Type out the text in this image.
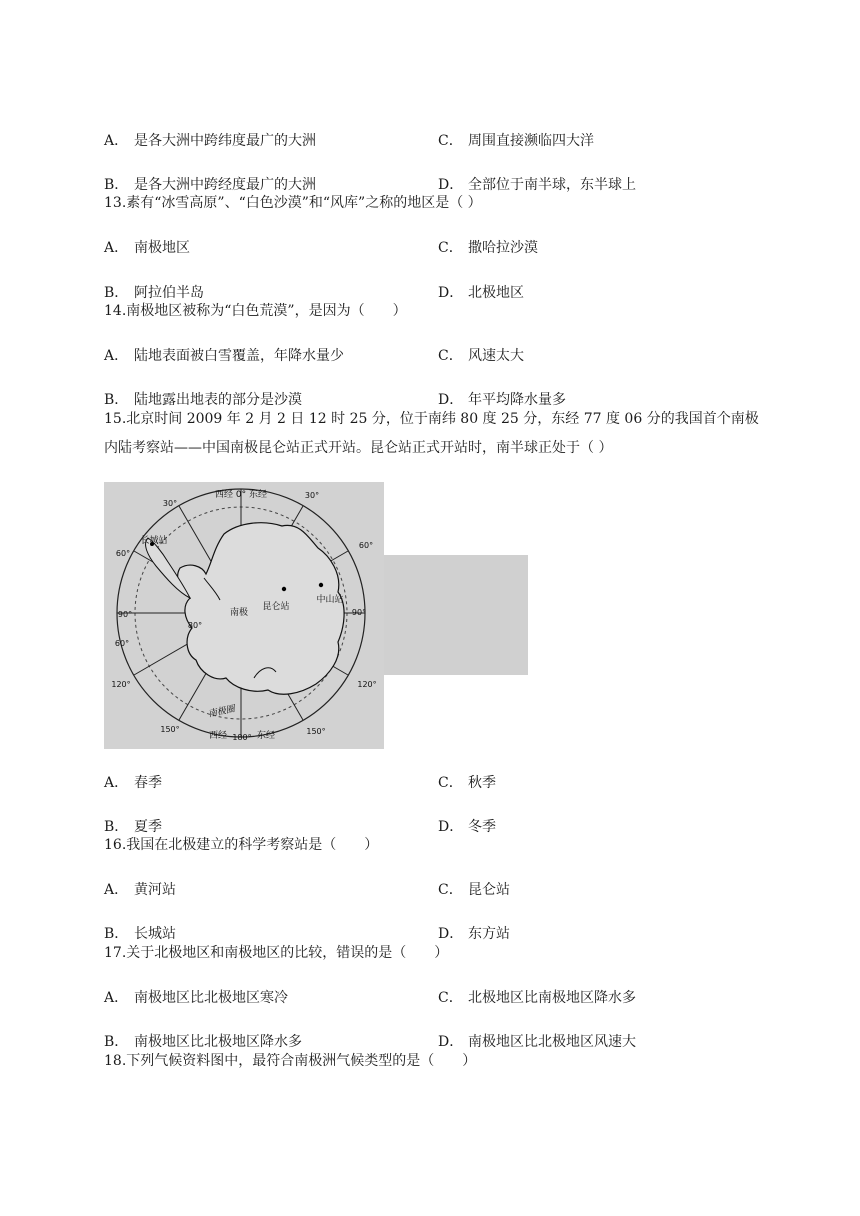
A． 是各大洲中跨纬度最广的大洲	C． 周围直接濒临四大洋
B． 是各大洲中跨经度最广的大洲	D． 全部位于南半球，东半球上
13.素有“冰雪高原”、“白色沙漠”和“风库”之称的地区是（ ）
A． 南极地区	C． 撒哈拉沙漠
B． 阿拉伯半岛	D． 北极地区
14.南极地区被称为“白色荒漠”，是因为（　　）
A． 陆地表面被白雪覆盖，年降水量少	C． 风速太大
B． 陆地露出地表的部分是沙漠	D． 年平均降水量多
15.北京时间 2009 年 2 月 2 日 12 时 25 分，位于南纬 80 度 25 分，东经 77 度 06 分的我国首个南极
内陆考察站——中国南极昆仑站正式开站。昆仑站正式开站时，南半球正处于（ ）
西经 0° 东经
西经 180° 东经
30°
30°
60°
60°
90°	90°
120°	120°
150°	150°
60°
80°
南极
昆仑站
中山站
长城站
南极圈
A． 春季	C． 秋季
B． 夏季	D． 冬季
16.我国在北极建立的科学考察站是（　　）
A． 黄河站	C． 昆仑站
B． 长城站	D． 东方站
17.关于北极地区和南极地区的比较，错误的是（　　）
A． 南极地区比北极地区寒冷	C． 北极地区比南极地区降水多
B． 南极地区比北极地区降水多	D． 南极地区比北极地区风速大
18.下列气候资料图中，最符合南极洲气候类型的是（　　）
